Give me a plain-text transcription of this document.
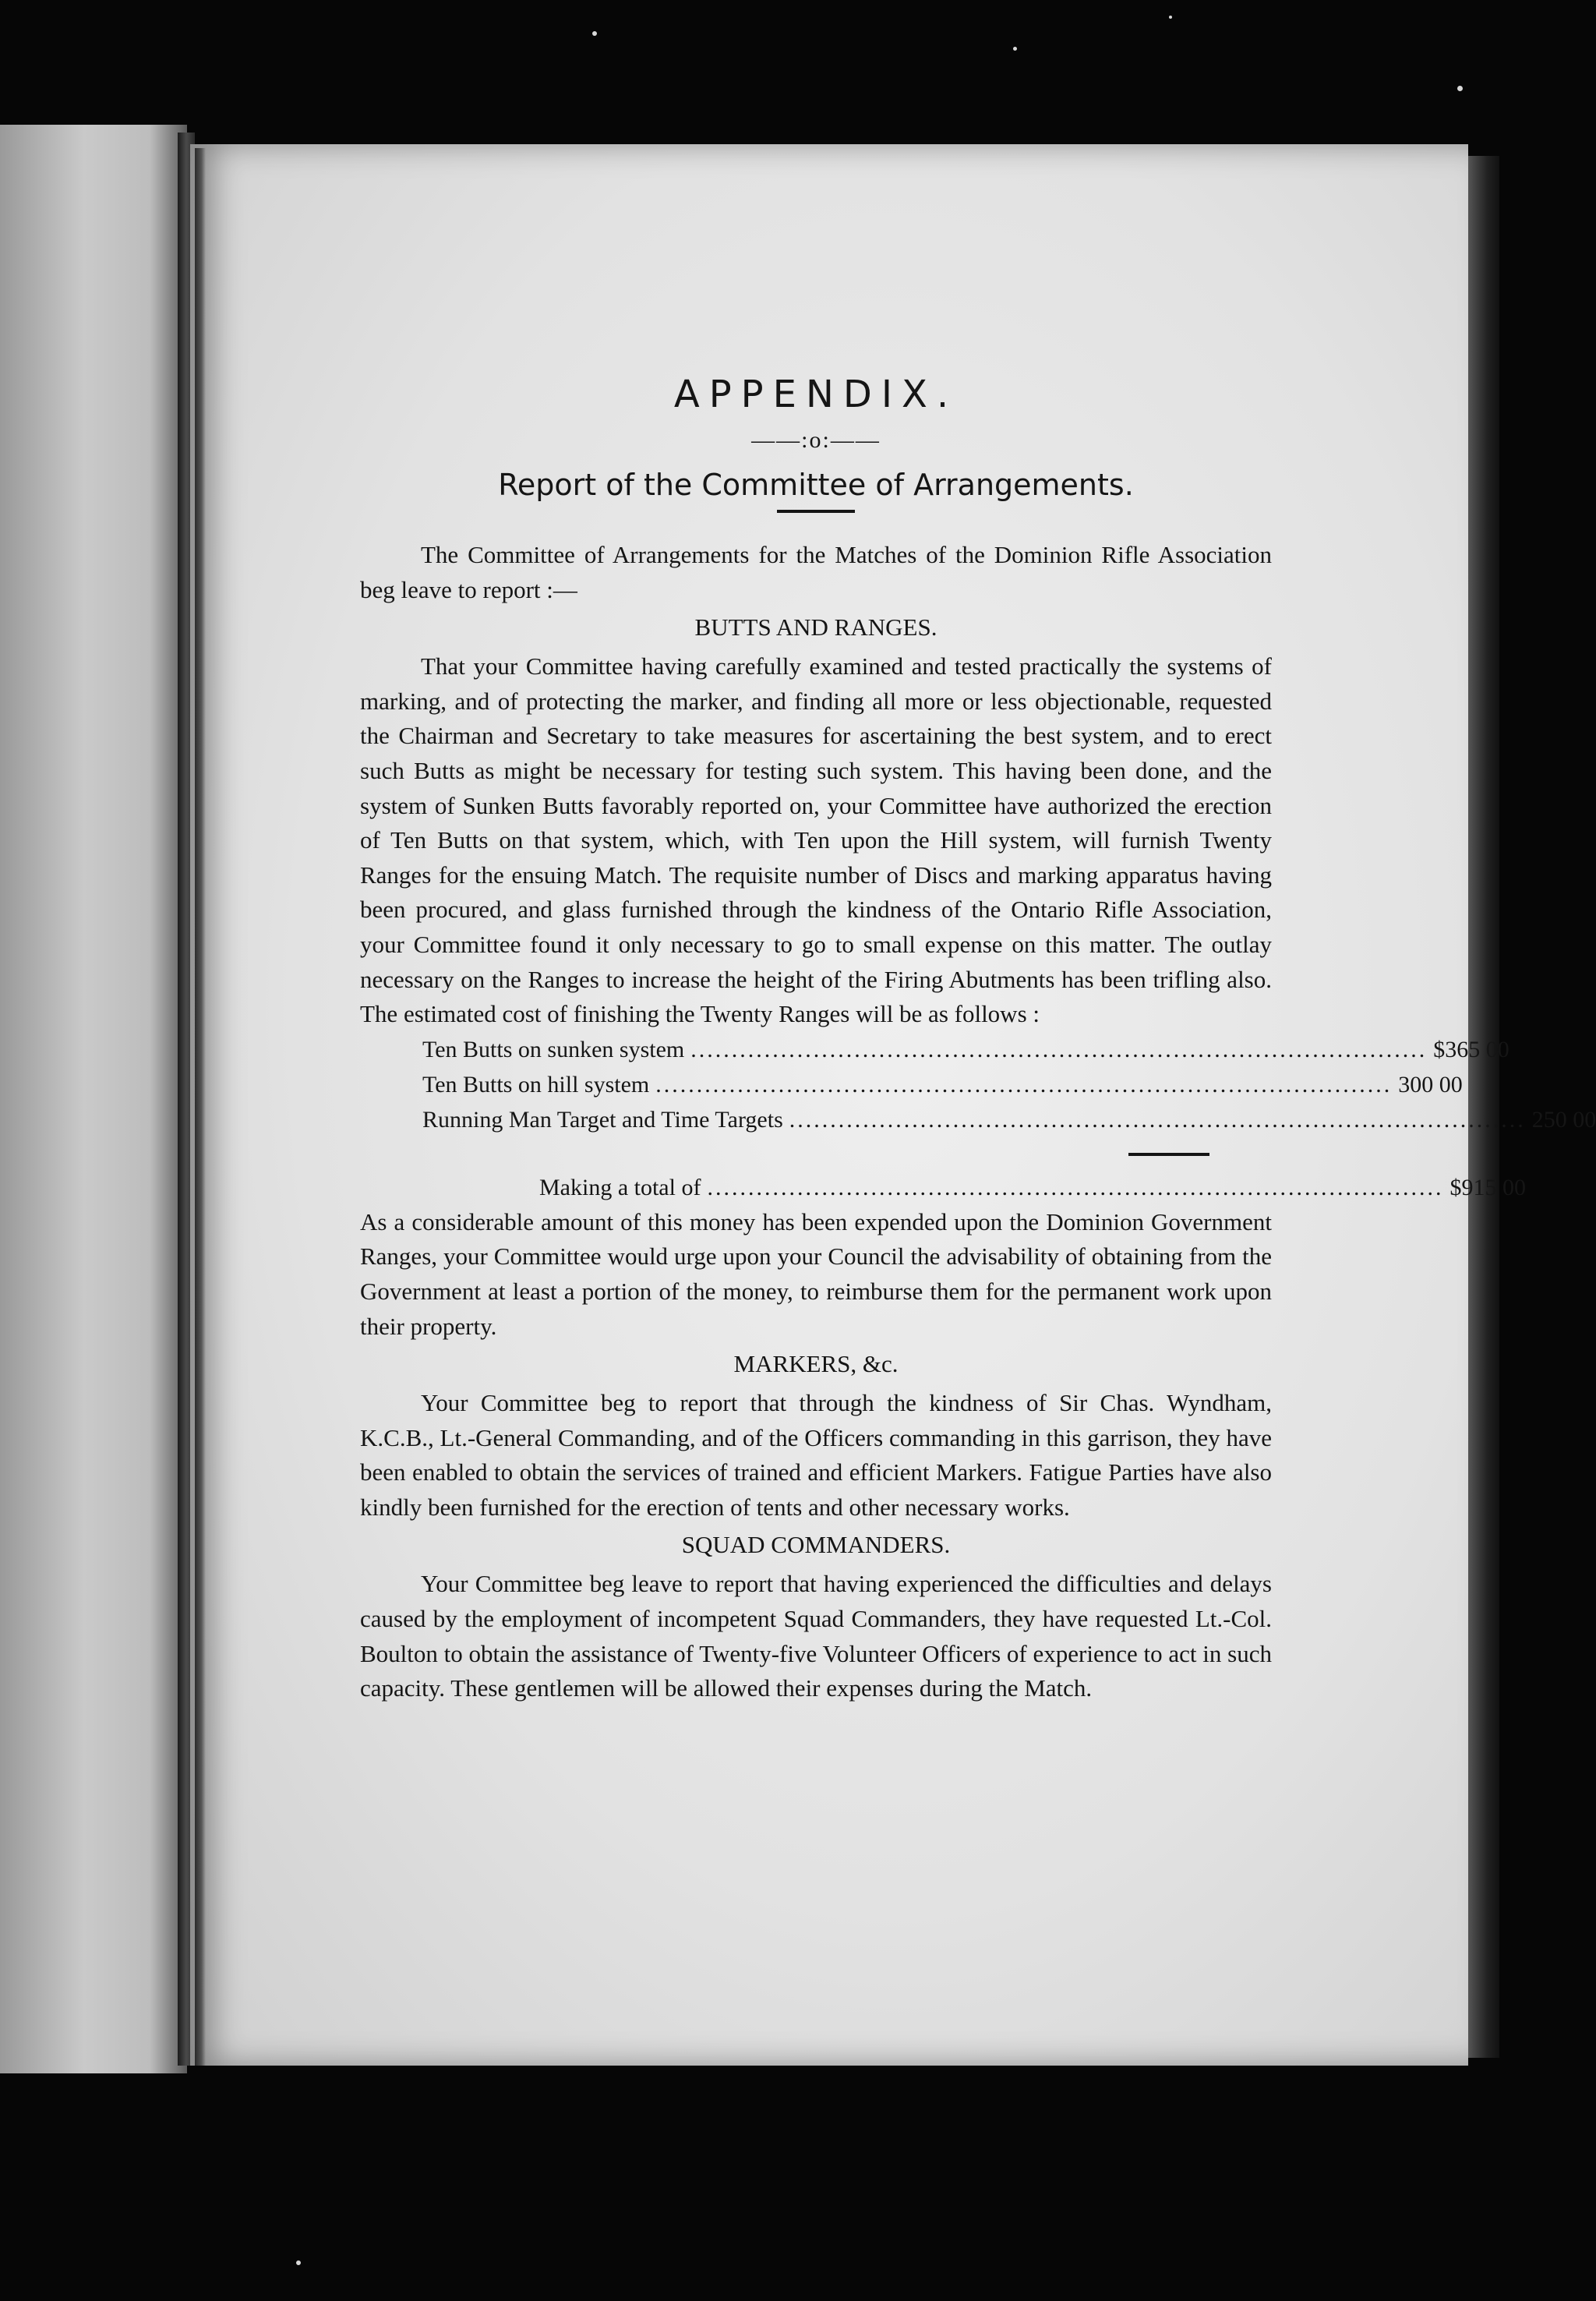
APPENDIX.
——:o:——
Report of the Committee of Arrangements.

The Committee of Arrangements for the Matches of the Dominion Rifle Association beg leave to report :—

BUTTS AND RANGES.

That your Committee having carefully examined and tested practically the systems of marking, and of protecting the marker, and finding all more or less objectionable, requested the Chairman and Secretary to take measures for ascertaining the best system, and to erect such Butts as might be necessary for testing such system. This having been done, and the system of Sunken Butts favorably reported on, your Committee have authorized the erection of Ten Butts on that system, which, with Ten upon the Hill system, will furnish Twenty Ranges for the ensuing Match. The requisite number of Discs and marking apparatus having been procured, and glass furnished through the kindness of the Ontario Rifle Association, your Committee found it only necessary to go to small expense on this matter. The outlay necessary on the Ranges to increase the height of the Firing Abutments has been trifling also. The estimated cost of finishing the Twenty Ranges will be as follows :

Ten Butts on sunken system .......................................................................................... $365 00
Ten Butts on hill system .......................................................................................... 300 00
Running Man Target and Time Targets .......................................................................................... 250 00
Making a total of .......................................................................................... $915 00

As a considerable amount of this money has been expended upon the Dominion Government Ranges, your Committee would urge upon your Council the advisability of obtaining from the Government at least a portion of the money, to reimburse them for the permanent work upon their property.

MARKERS, &c.

Your Committee beg to report that through the kindness of Sir Chas. Wyndham, K.C.B., Lt.-General Commanding, and of the Officers commanding in this garrison, they have been enabled to obtain the services of trained and efficient Markers. Fatigue Parties have also kindly been furnished for the erection of tents and other necessary works.

SQUAD COMMANDERS.

Your Committee beg leave to report that having experienced the difficulties and delays caused by the employment of incompetent Squad Commanders, they have requested Lt.-Col. Boulton to obtain the assistance of Twenty-five Volunteer Officers of experience to act in such capacity. These gentlemen will be allowed their expenses during the Match.
